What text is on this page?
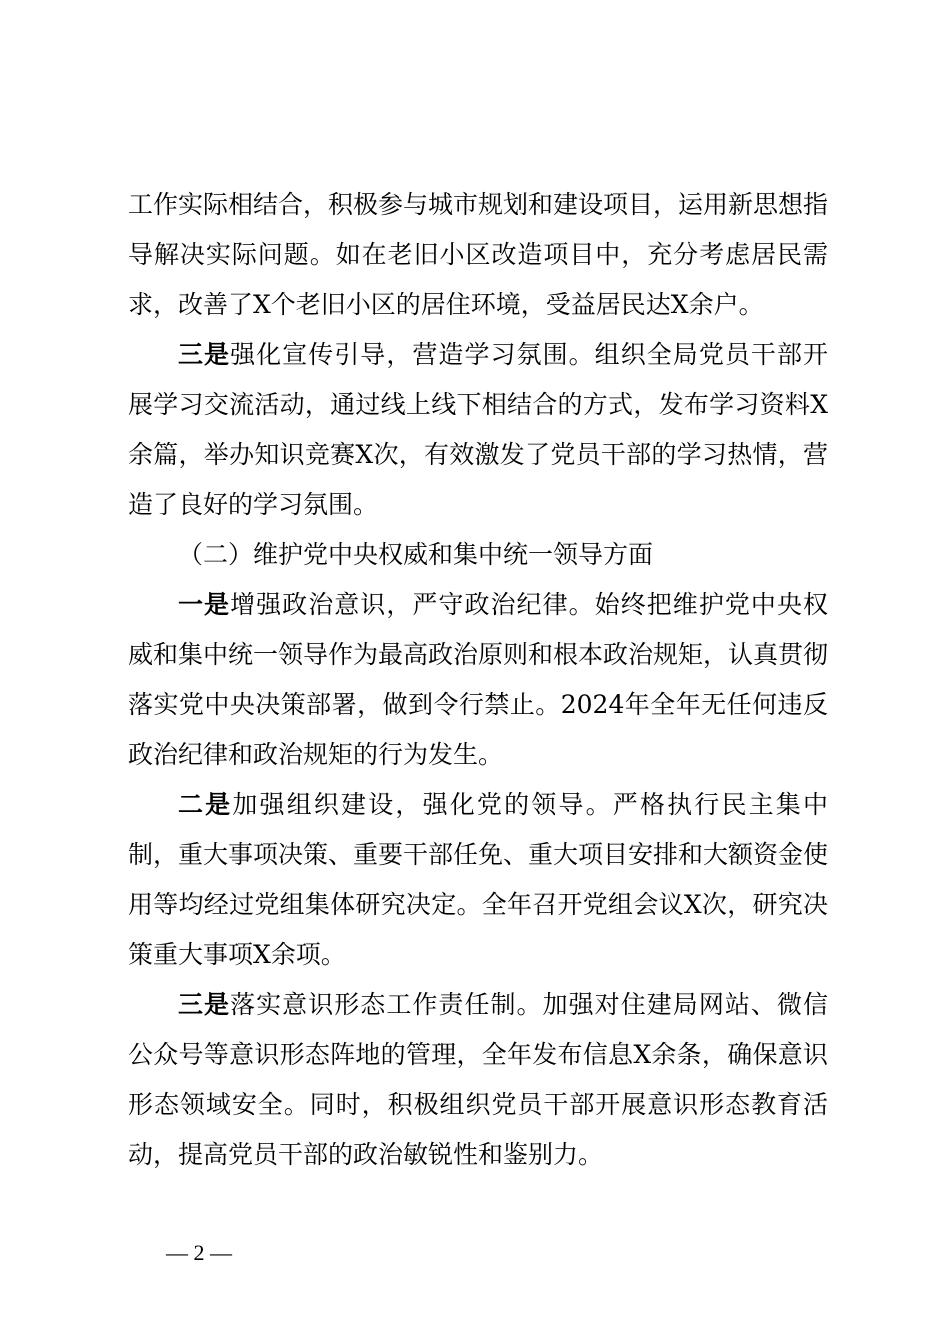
工作实际相结合，积极参与城市规划和建设项目，运用新思想指导解决实际问题。如在老旧小区改造项目中，充分考虑居民需求，改善了X个老旧小区的居住环境，受益居民达X余户。

三是强化宣传引导，营造学习氛围。组织全局党员干部开展学习交流活动，通过线上线下相结合的方式，发布学习资料X余篇，举办知识竞赛X次，有效激发了党员干部的学习热情，营造了良好的学习氛围。

（二）维护党中央权威和集中统一领导方面

一是增强政治意识，严守政治纪律。始终把维护党中央权威和集中统一领导作为最高政治原则和根本政治规矩，认真贯彻落实党中央决策部署，做到令行禁止。2024年全年无任何违反政治纪律和政治规矩的行为发生。

二是加强组织建设，强化党的领导。严格执行民主集中制，重大事项决策、重要干部任免、重大项目安排和大额资金使用等均经过党组集体研究决定。全年召开党组会议X次，研究决策重大事项X余项。

三是落实意识形态工作责任制。加强对住建局网站、微信公众号等意识形态阵地的管理，全年发布信息X余条，确保意识形态领域安全。同时，积极组织党员干部开展意识形态教育活动，提高党员干部的政治敏锐性和鉴别力。

— 2 —
